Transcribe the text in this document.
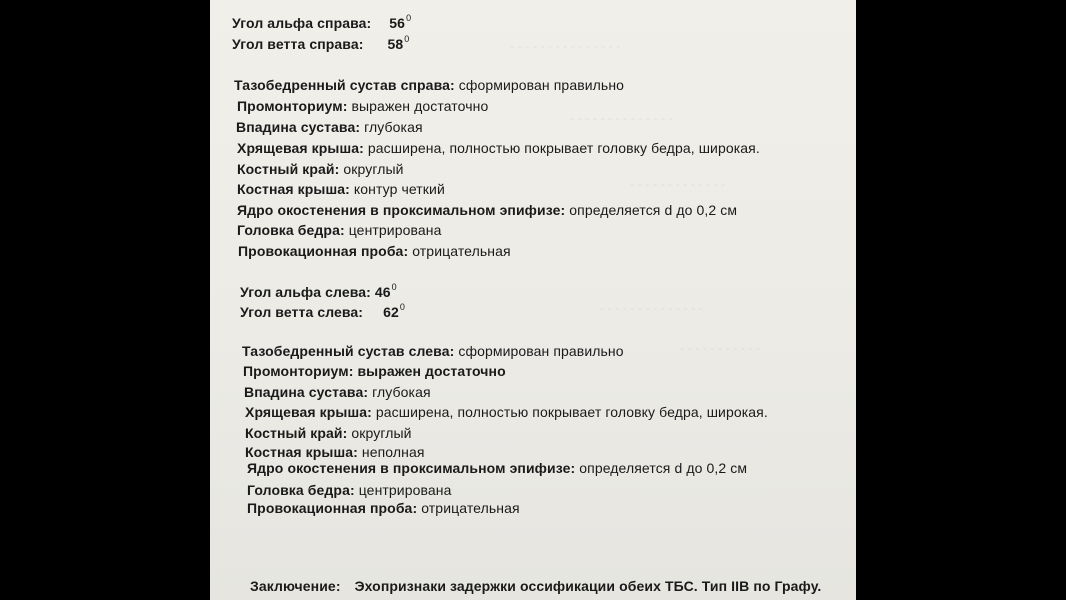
- - - - - - - - - - - - - - -
- - - - - - - - - - - - - -
- - - - - - - - - - - - -
- - - - - - - - - - - - - -
- - - - - - - - - - -
Угол альфа справа: $56^0$
Угол ветта справа: $58^0$
Тазобедренный сустав справа: сформирован правильно
Промонториум: выражен достаточно
Впадина сустава: глубокая
Хрящевая крыша: расширена, полностью покрывает головку бедра, широкая.
Костный край: округлый
Костная крыша: контур четкий
Ядро окостенения в проксимальном эпифизе: определяется d до 0,2 см
Головка бедра: центрирована
Провокационная проба: отрицательная
Угол альфа слева: $46^0$
Угол ветта слева: $62^0$
Тазобедренный сустав слева: сформирован правильно
Промонториум: выражен достаточно
Впадина сустава: глубокая
Хрящевая крыша: расширена, полностью покрывает головку бедра, широкая.
Костный край: округлый
Костная крыша: неполная
Ядро окостенения в проксимальном эпифизе: определяется d до 0,2 см
Головка бедра: центрирована
Провокационная проба: отрицательная
Заключение: Эхопризнаки задержки оссификации обеих ТБС. Тип IIB по Графу.
